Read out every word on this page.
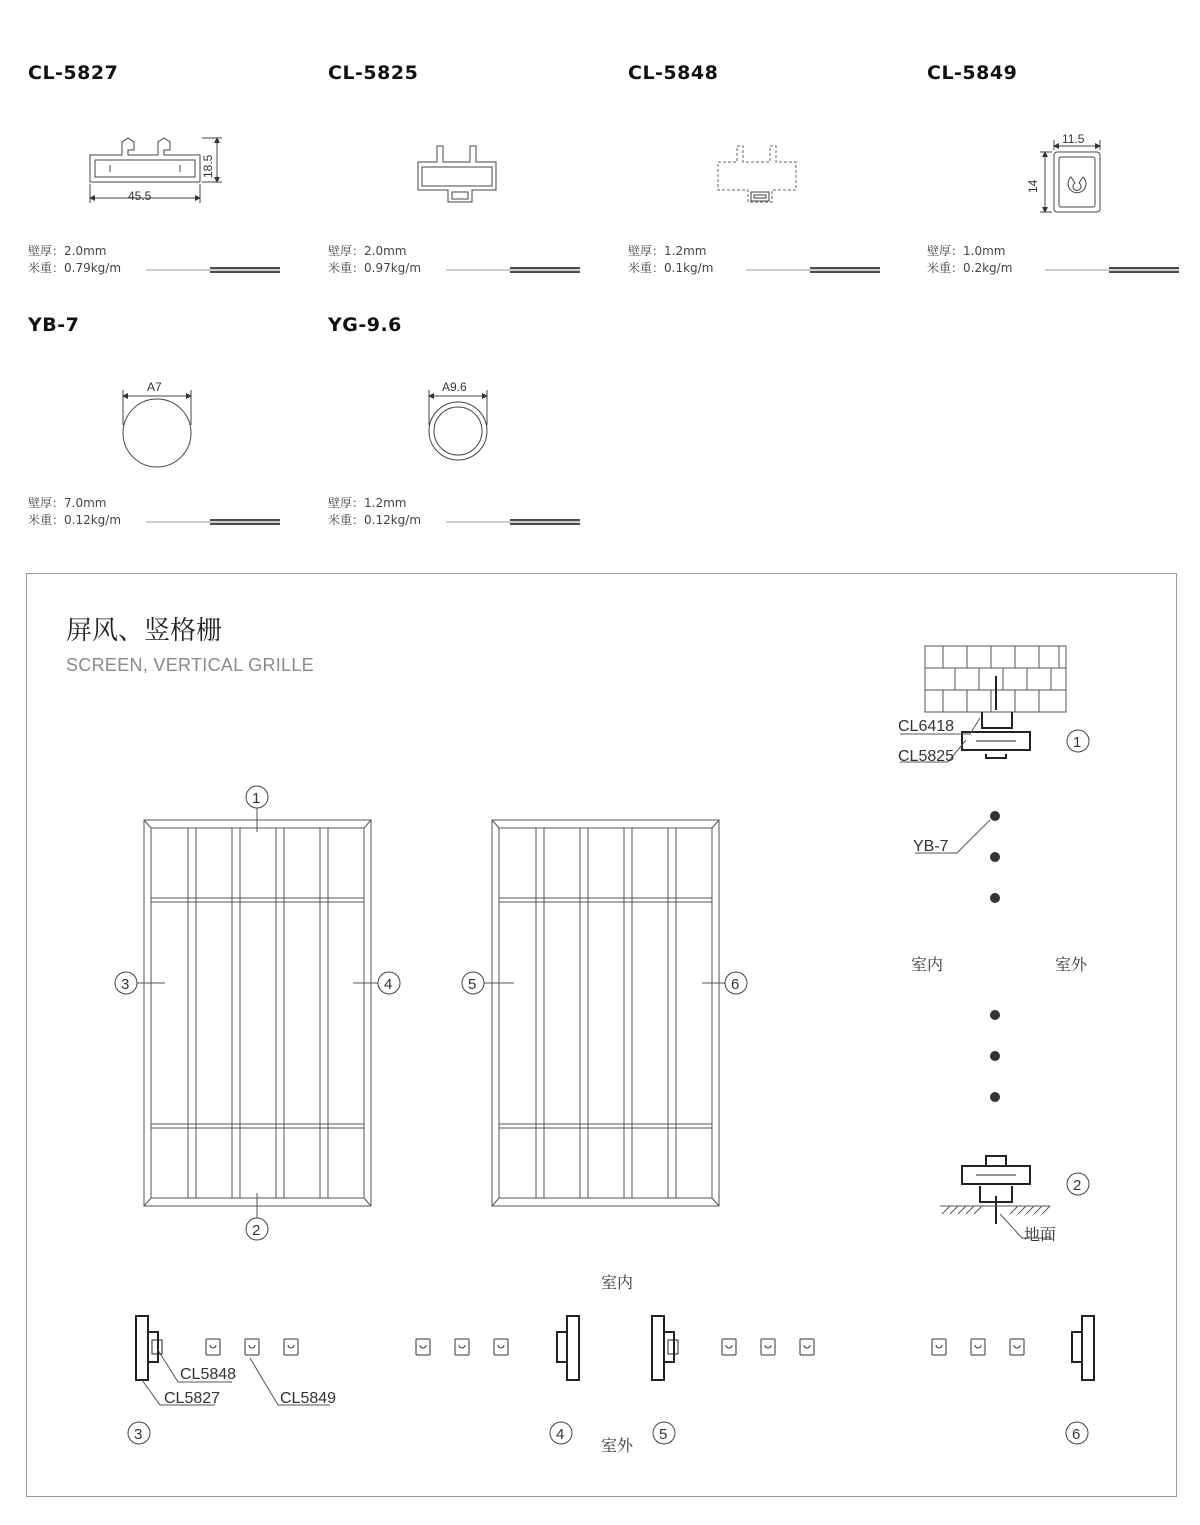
CL-5827	CL-5825	CL-5848	CL-5849
YB-7	YG-9.6
壁厚：2.0mm
米重：0.79kg/m
壁厚：2.0mm
米重：0.97kg/m
壁厚：1.2mm
米重：0.1kg/m
壁厚：1.0mm
米重：0.2kg/m
壁厚：7.0mm
米重：0.12kg/m
壁厚：1.2mm
米重：0.12kg/m
屏风、竖格栅
SCREEN, VERTICAL GRILLE
45.5
18.5
11.5
14
A7	A9.6
1
2
3	4	5	6
1
2
3	4	5	6
CL6418
CL5825
YB-7
室内	室外
地面
室内
室外
CL5848
CL5827	CL5849
